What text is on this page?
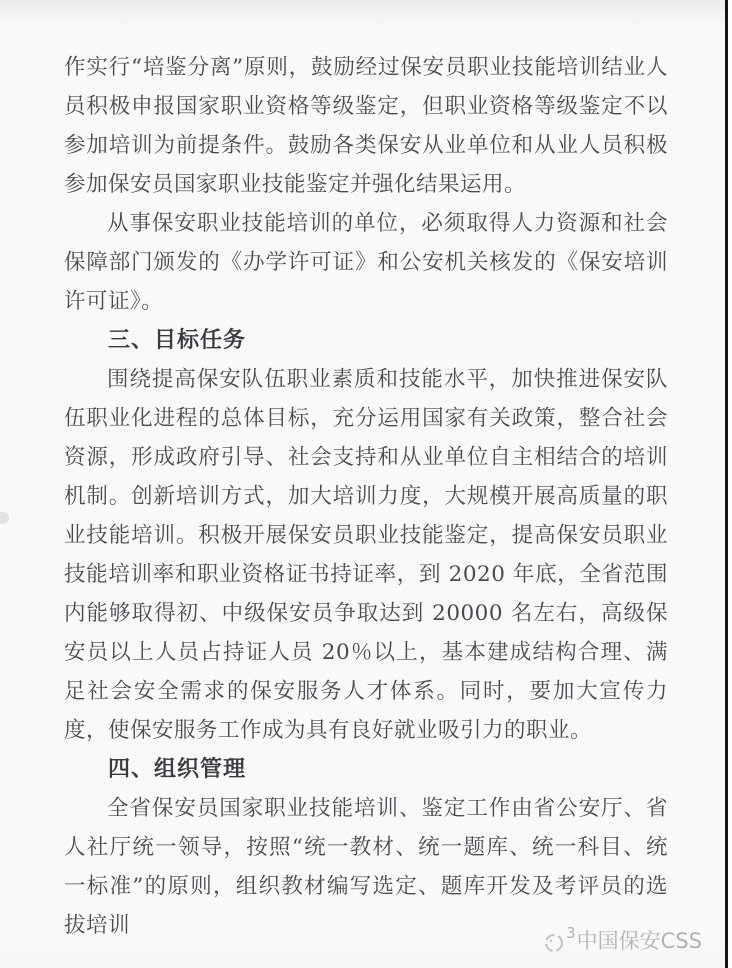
作实行“培鉴分离”原则，鼓励经过保安员职业技能培训结业人员积极申报国家职业资格等级鉴定，但职业资格等级鉴定不以参加培训为前提条件。鼓励各类保安从业单位和从业人员积极参加保安员国家职业技能鉴定并强化结果运用。

从事保安职业技能培训的单位，必须取得人力资源和社会保障部门颁发的《办学许可证》和公安机关核发的《保安培训许可证》。

三、目标任务

围绕提高保安队伍职业素质和技能水平，加快推进保安队伍职业化进程的总体目标，充分运用国家有关政策，整合社会资源，形成政府引导、社会支持和从业单位自主相结合的培训机制。创新培训方式，加大培训力度，大规模开展高质量的职业技能培训。积极开展保安员职业技能鉴定，提高保安员职业技能培训率和职业资格证书持证率，到 2020 年底，全省范围内能够取得初、中级保安员争取达到 20000 名左右，高级保安员以上人员占持证人员 20％以上，基本建成结构合理、满足社会安全需求的保安服务人才体系。同时，要加大宣传力度，使保安服务工作成为具有良好就业吸引力的职业。

四、组织管理

全省保安员国家职业技能培训、鉴定工作由省公安厅、省人社厅统一领导，按照“统一教材、统一题库、统一科目、统一标准”的原则，组织教材编写选定、题库开发及考评员的选拔培训	3 中国保安CSS
